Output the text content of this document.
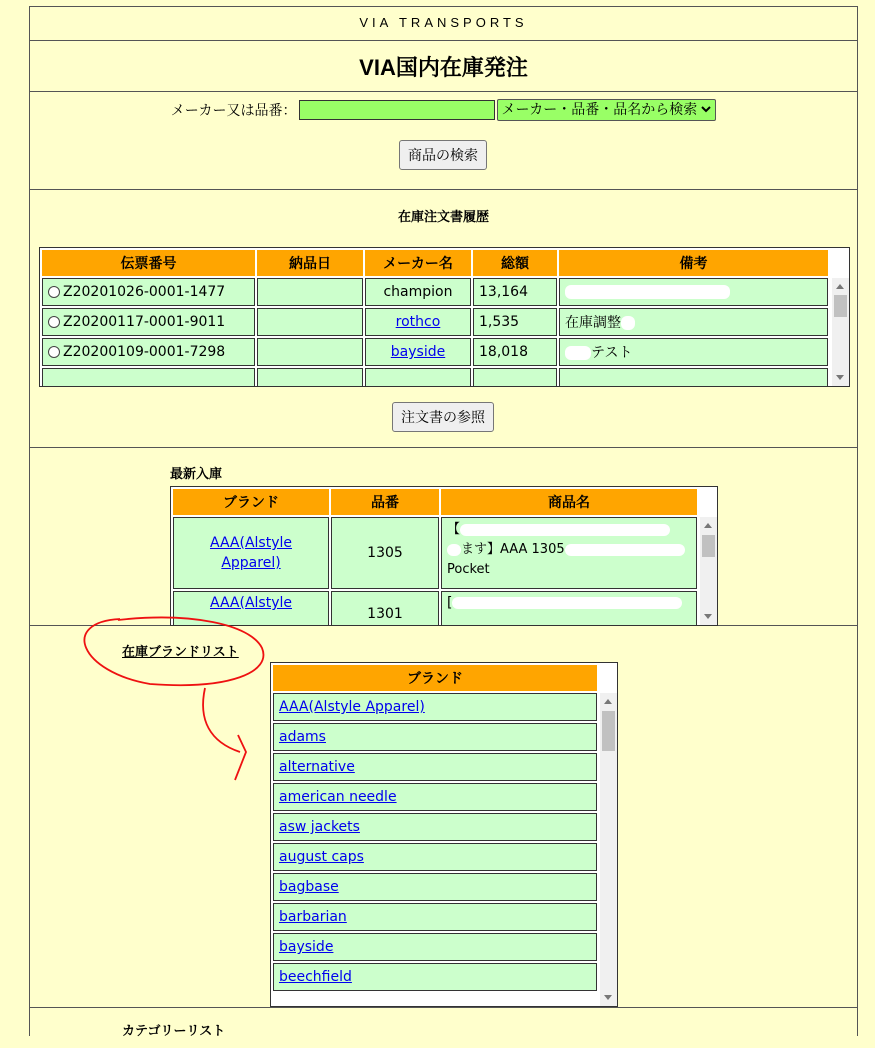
VIA TRANSPORTS
VIA国内在庫発注
メーカー又は品番：	メーカー・品番・品名から検索
商品の検索
在庫注文書履歴
伝票番号	納品日	メーカー名	総額	備考
Z20201026-0001-1477		champion	13,164	
Z20200117-0001-9011		rothco	1,535	在庫調整
Z20200109-0001-7298		bayside	18,018	テスト

注文書の参照
最新入庫
ブランド	品番	商品名
AAA(Alstyle Apparel)	1305	【
ます】AAA 1305
Pocket
AAA(Alstyle	1301	[
在庫ブランドリスト
ブランド
AAA(Alstyle Apparel)
adams
alternative
american needle
asw jackets
august caps
bagbase
barbarian
bayside
beechfield
カテゴリーリスト
